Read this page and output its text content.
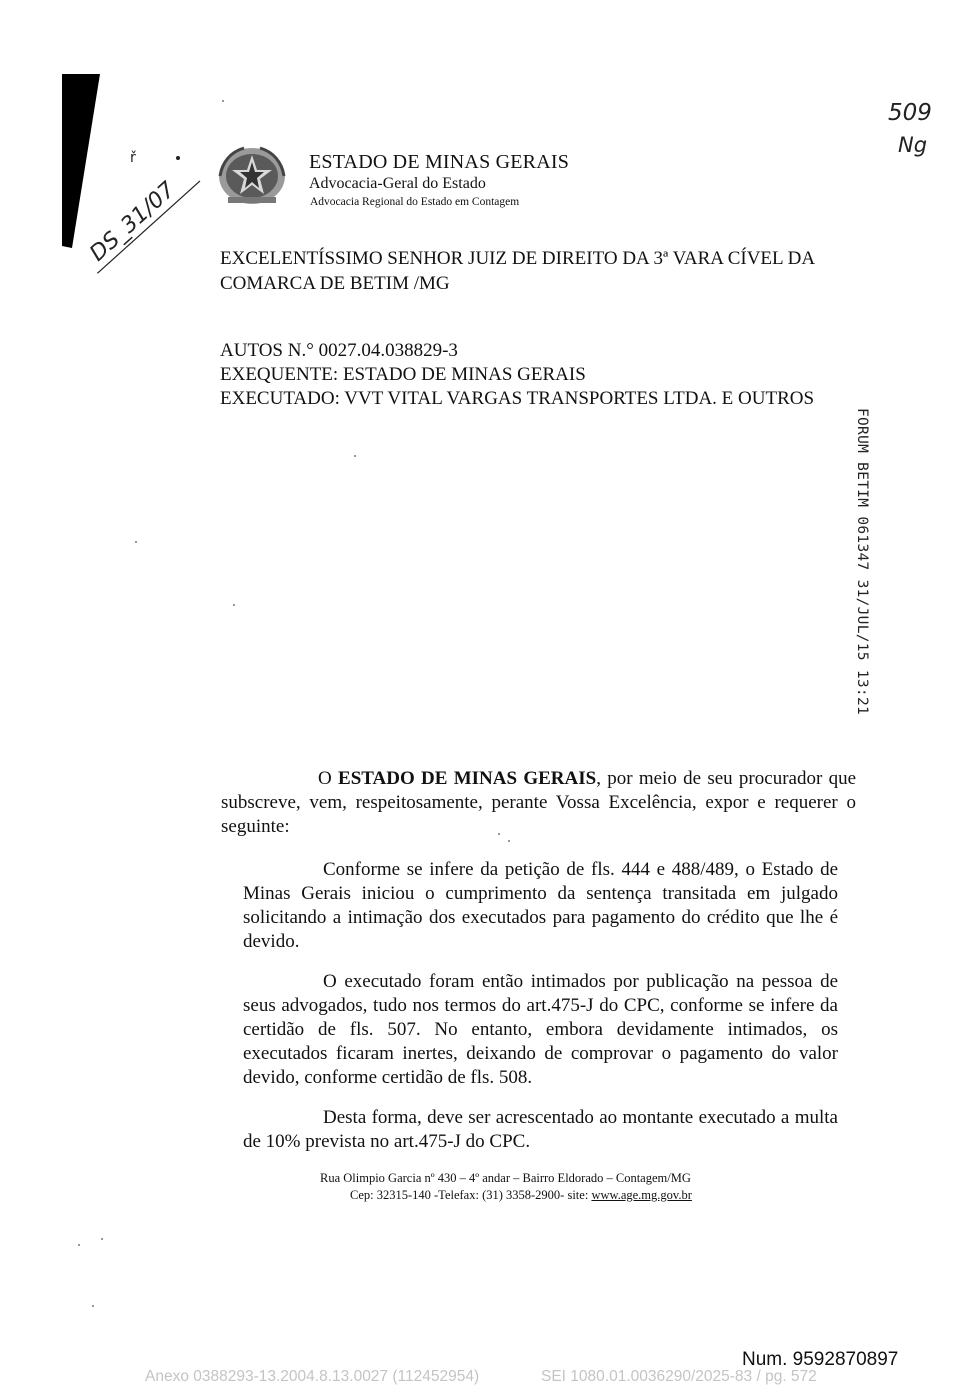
DS_31/07
ř
509
Ng
ESTADO DE MINAS GERAIS
Advocacia-Geral do Estado
Advocacia Regional do Estado em Contagem
EXCELENTÍSSIMO SENHOR JUIZ DE DIREITO DA 3ª VARA CÍVEL DA
COMARCA DE BETIM /MG
AUTOS N.° 0027.04.038829-3
EXEQUENTE: ESTADO DE MINAS GERAIS
EXECUTADO: VVT VITAL VARGAS TRANSPORTES LTDA. E OUTROS
FORUM BETIM 061347 31/JUL/15 13:21
O ESTADO DE MINAS GERAIS, por meio de seu procurador que subscreve, vem, respeitosamente, perante Vossa Excelência, expor e requerer o seguinte:
Conforme se infere da petição de fls. 444 e 488/489, o Estado de Minas Gerais iniciou o cumprimento da sentença transitada em julgado solicitando a intimação dos executados para pagamento do crédito que lhe é devido.
O executado foram então intimados por publicação na pessoa de seus advogados, tudo nos termos do art.475-J do CPC, conforme se infere da certidão de fls. 507. No entanto, embora devidamente intimados, os executados ficaram inertes, deixando de comprovar o pagamento do valor devido, conforme certidão de fls. 508.
Desta forma, deve ser acrescentado ao montante executado a multa de 10% prevista no art.475-J do CPC.
Rua Olimpio Garcia nº 430 – 4º andar – Bairro Eldorado – Contagem/MG
Cep: 32315-140 -Telefax: (31) 3358-2900- site: www.age.mg.gov.br
Num. 9592870897
Anexo 0388293-13.2004.8.13.0027 (112452954)	SEI 1080.01.0036290/2025-83 / pg. 572
